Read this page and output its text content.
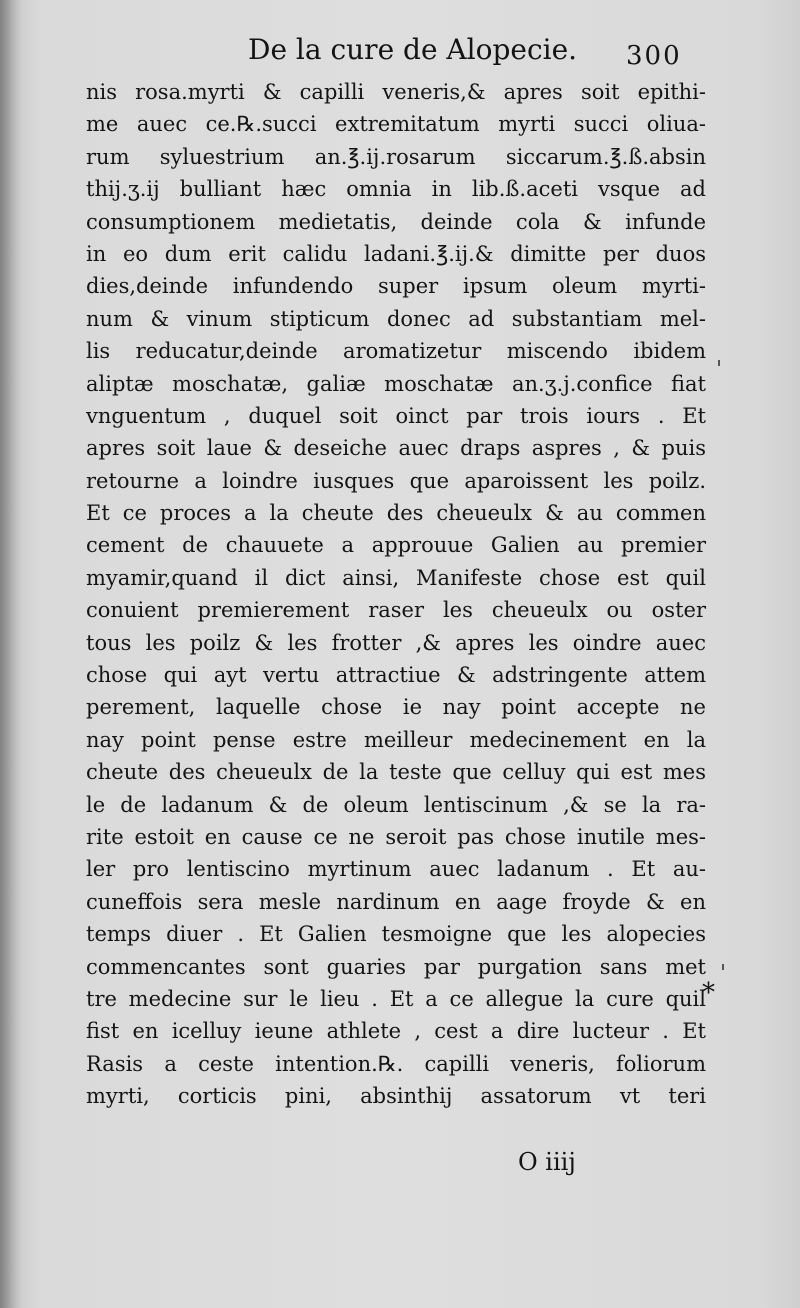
De la cure de Alopecie. 300
nis rosa.myrti & capilli veneris,& apres soit epithi-
me auec ce.℞.succi extremitatum myrti succi oliua-
rum syluestrium an.℥.ij.rosarum siccarum.℥.ß.absin
thij.ʒ.ij bulliant hæc omnia in lib.ß.aceti vsque ad
consumptionem medietatis, deinde cola & infunde
in eo dum erit calidu ladani.℥.ij.& dimitte per duos
dies,deinde infundendo super ipsum oleum myrti-
num & vinum stipticum donec ad substantiam mel-
lis reducatur,deinde aromatizetur miscendo ibidem
aliptæ moschatæ, galiæ moschatæ an.ʒ.j.confice fiat
vnguentum , duquel soit oinct par trois iours . Et
apres soit laue & deseiche auec draps aspres , & puis
retourne a loindre iusques que aparoissent les poilz.
Et ce proces a la cheute des cheueulx & au commen
cement de chauuete a approuue Galien au premier
myamir,quand il dict ainsi, Manifeste chose est quil
conuient premierement raser les cheueulx ou oster
tous les poilz & les frotter ,& apres les oindre auec
chose qui ayt vertu attractiue & adstringente attem
perement, laquelle chose ie nay point accepte ne
nay point pense estre meilleur medecinement en la
cheute des cheueulx de la teste que celluy qui est mes
le de ladanum & de oleum lentiscinum ,& se la ra-
rite estoit en cause ce ne seroit pas chose inutile mes-
ler pro lentiscino myrtinum auec ladanum . Et au-
cuneffois sera mesle nardinum en aage froyde & en
temps diuer . Et Galien tesmoigne que les alopecies
commencantes sont guaries par purgation sans met
tre medecine sur le lieu . Et a ce allegue la cure quil
fist en icelluy ieune athlete , cest a dire lucteur . Et
Rasis a ceste intention.℞. capilli veneris, foliorum
myrti, corticis pini, absinthij assatorum vt teri
*
O iiij
